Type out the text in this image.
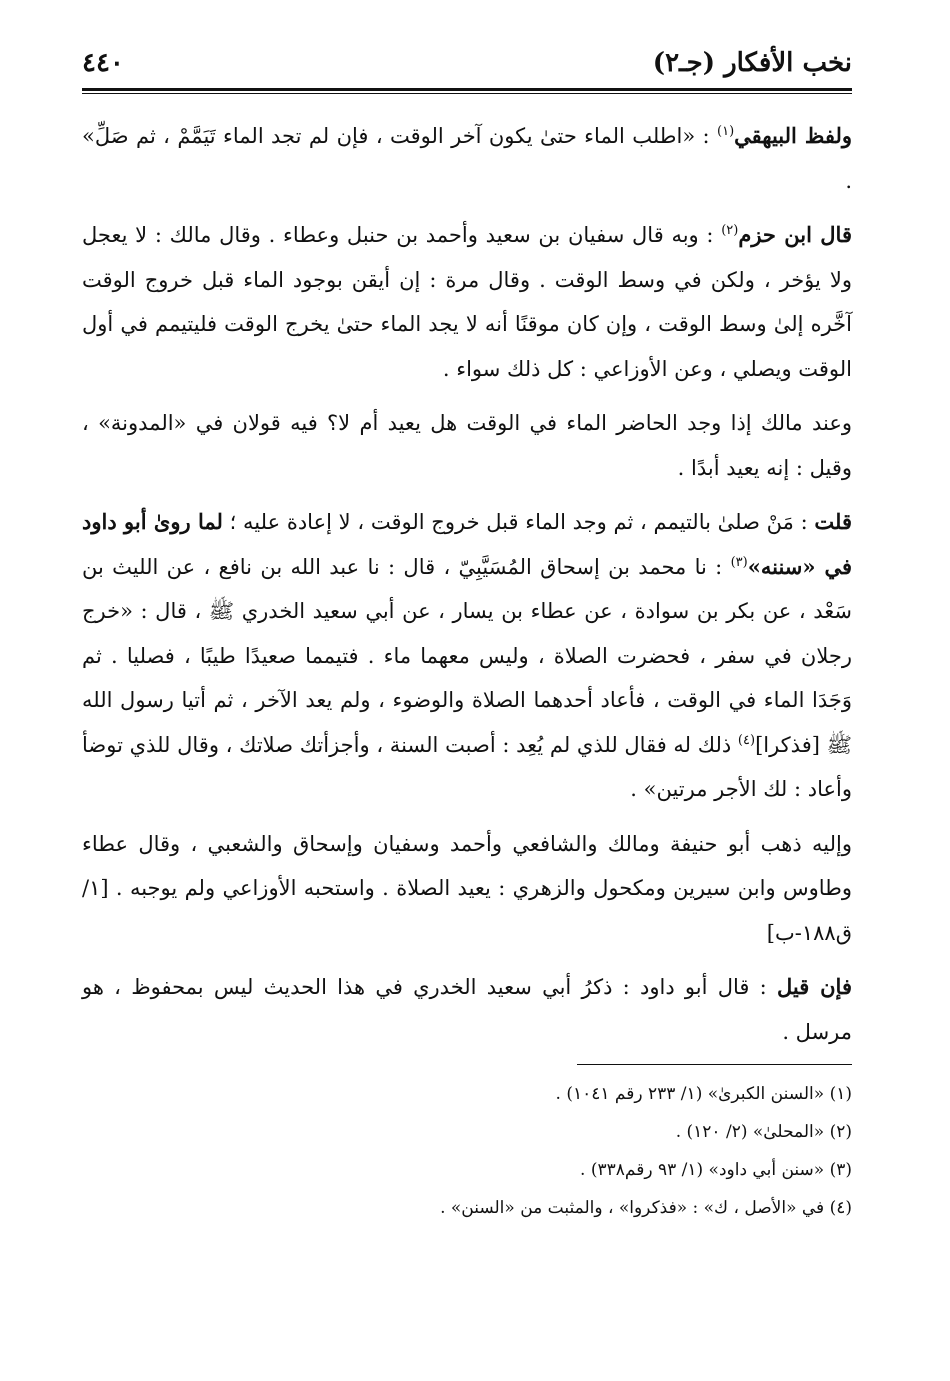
نخب الأفكار (جـ٢)
٤٤٠

ولفظ البيهقي$^{(١)}$ : «اطلب الماء حتىٰ يكون آخر الوقت ، فإن لم تجد الماء تَيَمَّمْ ، ثم صَلِّ» .

قال ابن حزم$^{(٢)}$ : وبه قال سفيان بن سعيد وأحمد بن حنبل وعطاء . وقال مالك : لا يعجل ولا يؤخر ، ولكن في وسط الوقت . وقال مرة : إن أيقن بوجود الماء قبل خروج الوقت آخَّره إلىٰ وسط الوقت ، وإن كان موقنًا أنه لا يجد الماء حتىٰ يخرج الوقت فليتيمم في أول الوقت ويصلي ، وعن الأوزاعي : كل ذلك سواء .

وعند مالك إذا وجد الحاضر الماء في الوقت هل يعيد أم لا؟ فيه قولان في «المدونة» ، وقيل : إنه يعيد أبدًا .

قلت : مَنْ صلىٰ بالتيمم ، ثم وجد الماء قبل خروج الوقت ، لا إعادة عليه ؛ لما روىٰ أبو داود في «سننه»$^{(٣)}$ : نا محمد بن إسحاق المُسَيَّبِيّ ، قال : نا عبد الله بن نافع ، عن الليث بن سَعْد ، عن بكر بن سوادة ، عن عطاء بن يسار ، عن أبي سعيد الخدري ﷺ ، قال : «خرج رجلان في سفر ، فحضرت الصلاة ، وليس معهما ماء . فتيمما صعيدًا طيبًا ، فصليا . ثم وَجَدَا الماء في الوقت ، فأعاد أحدهما الصلاة والوضوء ، ولم يعد الآخر ، ثم أتيا رسول الله ﷺ [فذكرا]$^{(٤)}$ ذلك له فقال للذي لم يُعِد : أصبت السنة ، وأجزأتك صلاتك ، وقال للذي توضأ وأعاد : لك الأجر مرتين» .

وإليه ذهب أبو حنيفة ومالك والشافعي وأحمد وسفيان وإسحاق والشعبي ، وقال عطاء وطاوس وابن سيرين ومكحول والزهري : يعيد الصلاة . واستحبه الأوزاعي ولم يوجبه . [١/ ق١٨٨-ب]

فإن قيل : قال أبو داود : ذكرُ أبي سعيد الخدري في هذا الحديث ليس بمحفوظ ، هو مرسل .

(١) «السنن الكبرىٰ» (١/ ٢٣٣ رقم ١٠٤١) .
(٢) «المحلىٰ» (٢/ ١٢٠) .
(٣) «سنن أبي داود» (١/ ٩٣ رقم٣٣٨) .
(٤) في «الأصل ، ك» : «فذكروا» ، والمثبت من «السنن» .
